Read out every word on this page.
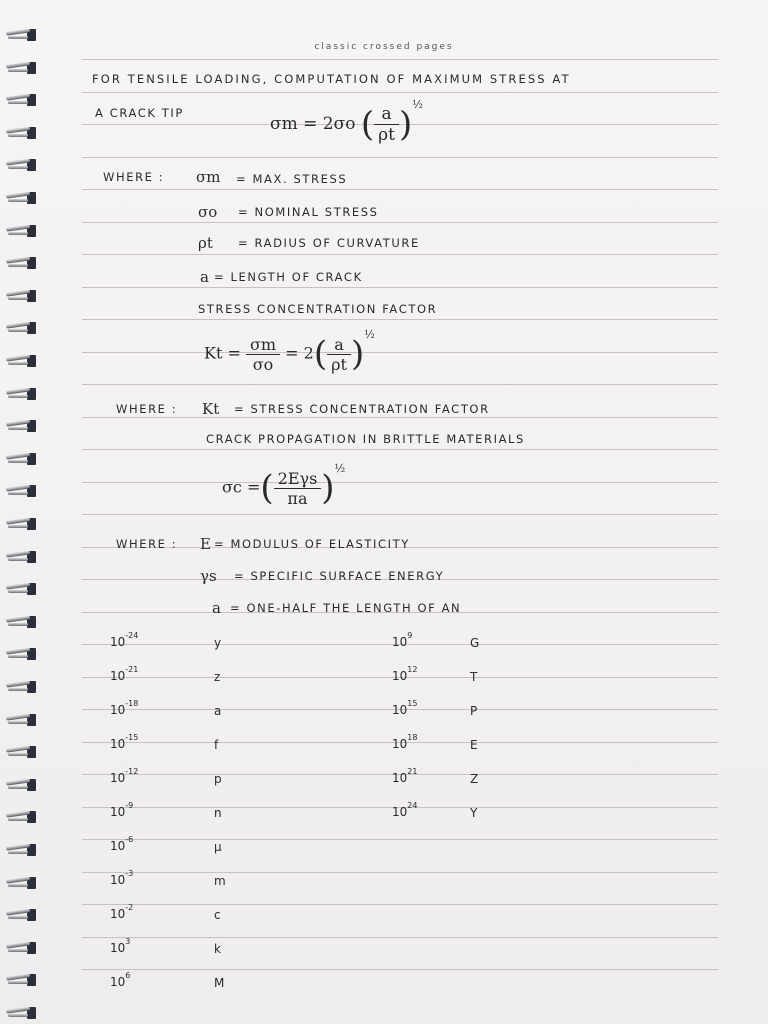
classic crossed pages
FOR TENSILE LOADING, COMPUTATION OF MAXIMUM STRESS AT
A CRACK TIP
σm = 2σo ( $\frac{a}{\rho t} )^{\frac{1}{2}}$
WHERE : σm = MAX. STRESS
σo = NOMINAL STRESS
ρt = RADIUS OF CURVATURE
a = LENGTH OF CRACK
STRESS CONCENTRATION FACTOR
$Kt = \frac{\sigma m}{\sigma o} = 2( \frac{a}{\rho t} )^{\frac{1}{2}}$
WHERE : Kt = STRESS CONCENTRATION FACTOR
CRACK PROPAGATION IN BRITTLE MATERIALS
σc =( $\frac{\text{2Eγs}}{\pi a} )^{\frac{1}{2}}$
WHERE : E = MODULUS OF ELASTICITY
γs = SPECIFIC SURFACE ENERGY
a = ONE-HALF THE LENGTH OF AN
$10^{-24}$
y
$10^{-21}$
z
$10^{-18}$
a
$10^{-15}$
f
$10^{-12}$
p
$10^{-9}$
n
$10^{-6}$
μ
$10^{-3}$
m
$10^{-2}$
c
$10^3$
k
$10^6$
M
$10^9$
G
$10^{12}$
T
$10^{15}$
P
$10^{18}$
E
$10^{21}$
Z
$10^{24}$
Y
